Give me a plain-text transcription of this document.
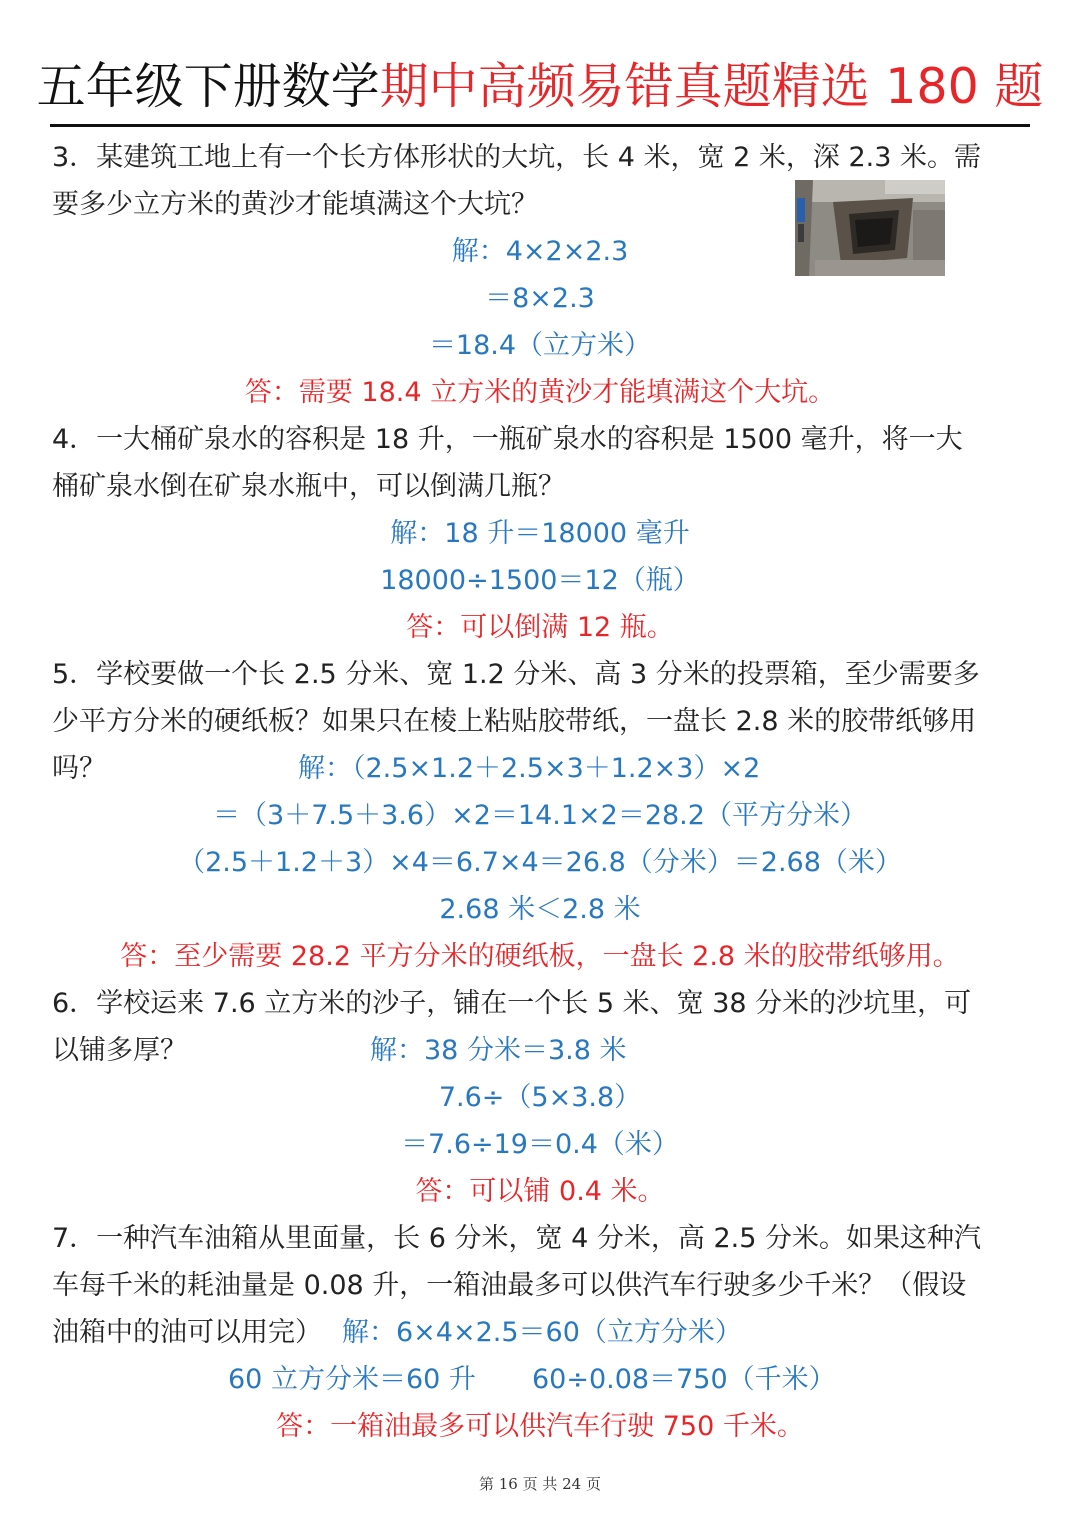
五年级下册数学期中高频易错真题精选 180 题
3．某建筑工地上有一个长方体形状的大坑，长 4 米，宽 2 米，深 2.3 米。需
要多少立方米的黄沙才能填满这个大坑？
解：4×2×2.3
＝8×2.3
＝18.4（立方米）
答：需要 18.4 立方米的黄沙才能填满这个大坑。
4．一大桶矿泉水的容积是 18 升，一瓶矿泉水的容积是 1500 毫升，将一大
桶矿泉水倒在矿泉水瓶中，可以倒满几瓶？
解：18 升＝18000 毫升
18000÷1500＝12（瓶）
答：可以倒满 12 瓶。
5．学校要做一个长 2.5 分米、宽 1.2 分米、高 3 分米的投票箱，至少需要多
少平方分米的硬纸板？如果只在棱上粘贴胶带纸，一盘长 2.8 米的胶带纸够用
吗？	解：（2.5×1.2＋2.5×3＋1.2×3）×2
＝（3＋7.5＋3.6）×2＝14.1×2＝28.2（平方分米）
（2.5＋1.2＋3）×4＝6.7×4＝26.8（分米）＝2.68（米）
2.68 米＜2.8 米
答：至少需要 28.2 平方分米的硬纸板，一盘长 2.8 米的胶带纸够用。
6．学校运来 7.6 立方米的沙子，铺在一个长 5 米、宽 38 分米的沙坑里，可
以铺多厚？	解：38 分米＝3.8 米
7.6÷（5×3.8）
＝7.6÷19＝0.4（米）
答：可以铺 0.4 米。
7．一种汽车油箱从里面量，长 6 分米，宽 4 分米，高 2.5 分米。如果这种汽
车每千米的耗油量是 0.08 升，一箱油最多可以供汽车行驶多少千米？（假设
油箱中的油可以用完） 解：6×4×2.5＝60（立方分米）
60 立方分米＝60 升 60÷0.08＝750（千米）
答：一箱油最多可以供汽车行驶 750 千米。
第 16 页 共 24 页
